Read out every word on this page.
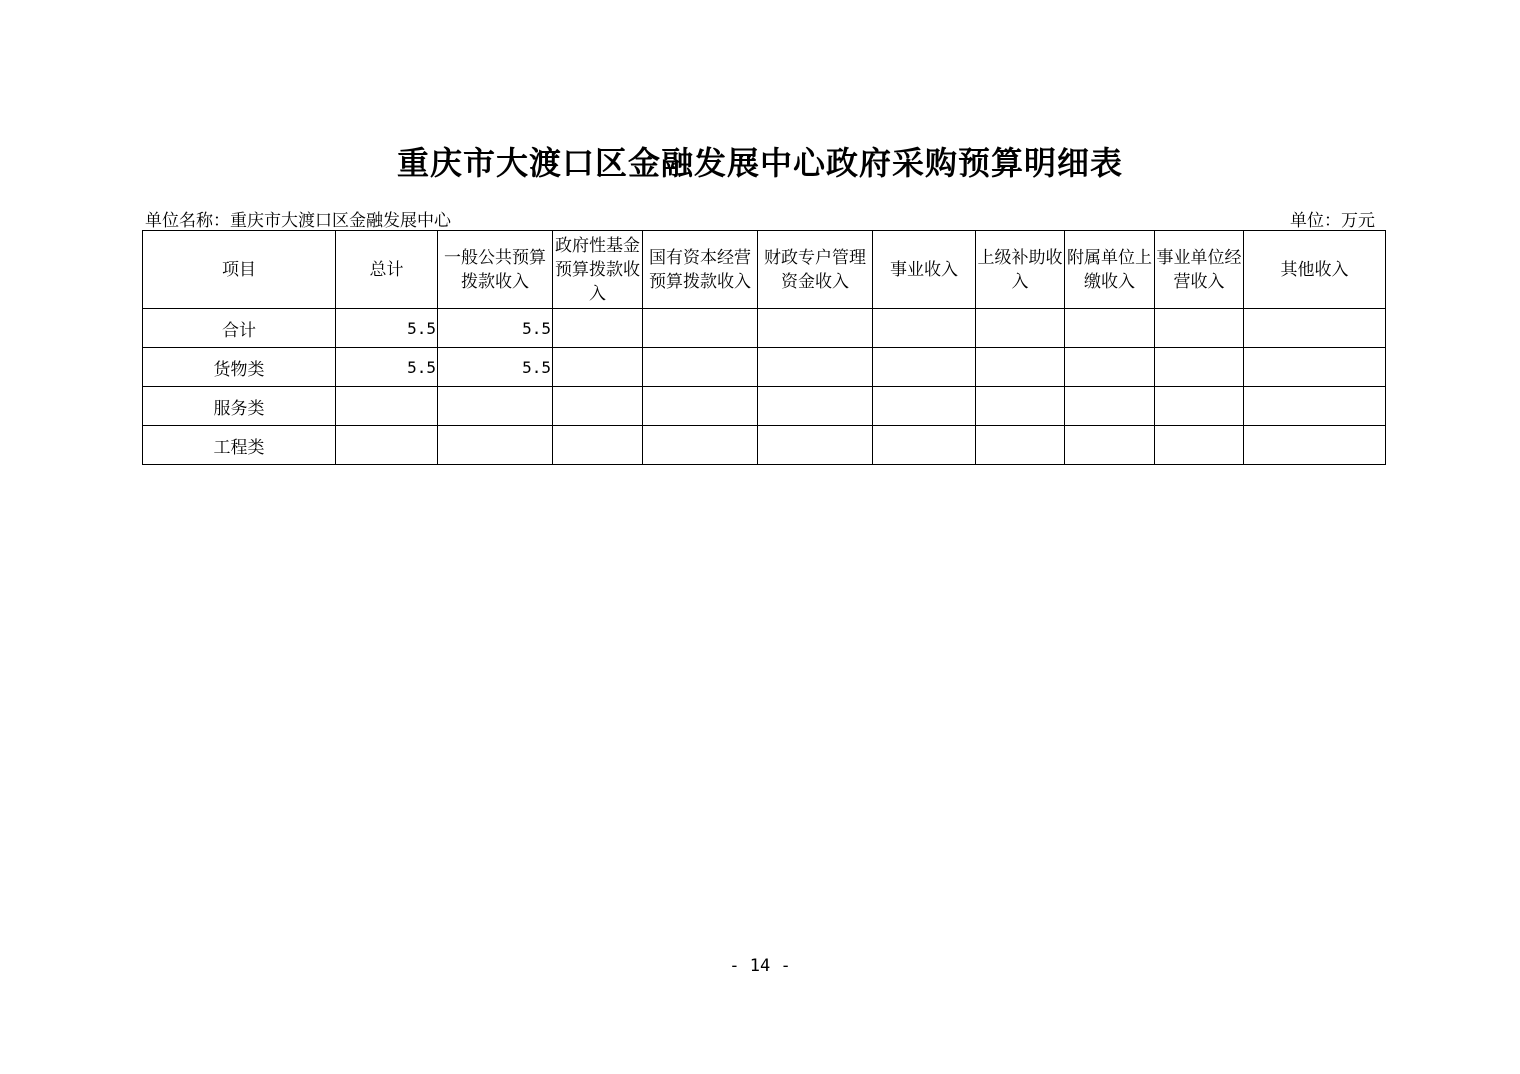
重庆市大渡口区金融发展中心政府采购预算明细表
单位名称：重庆市大渡口区金融发展中心	单位：万元
项目	总计	一般公共预算拨款收入	政府性基金预算拨款收入	国有资本经营预算拨款收入	财政专户管理资金收入	事业收入	上级补助收入	附属单位上缴收入	事业单位经营收入	其他收入
合计	5.5	5.5								
货物类	5.5	5.5								
服务类										
工程类										
- 14 -
